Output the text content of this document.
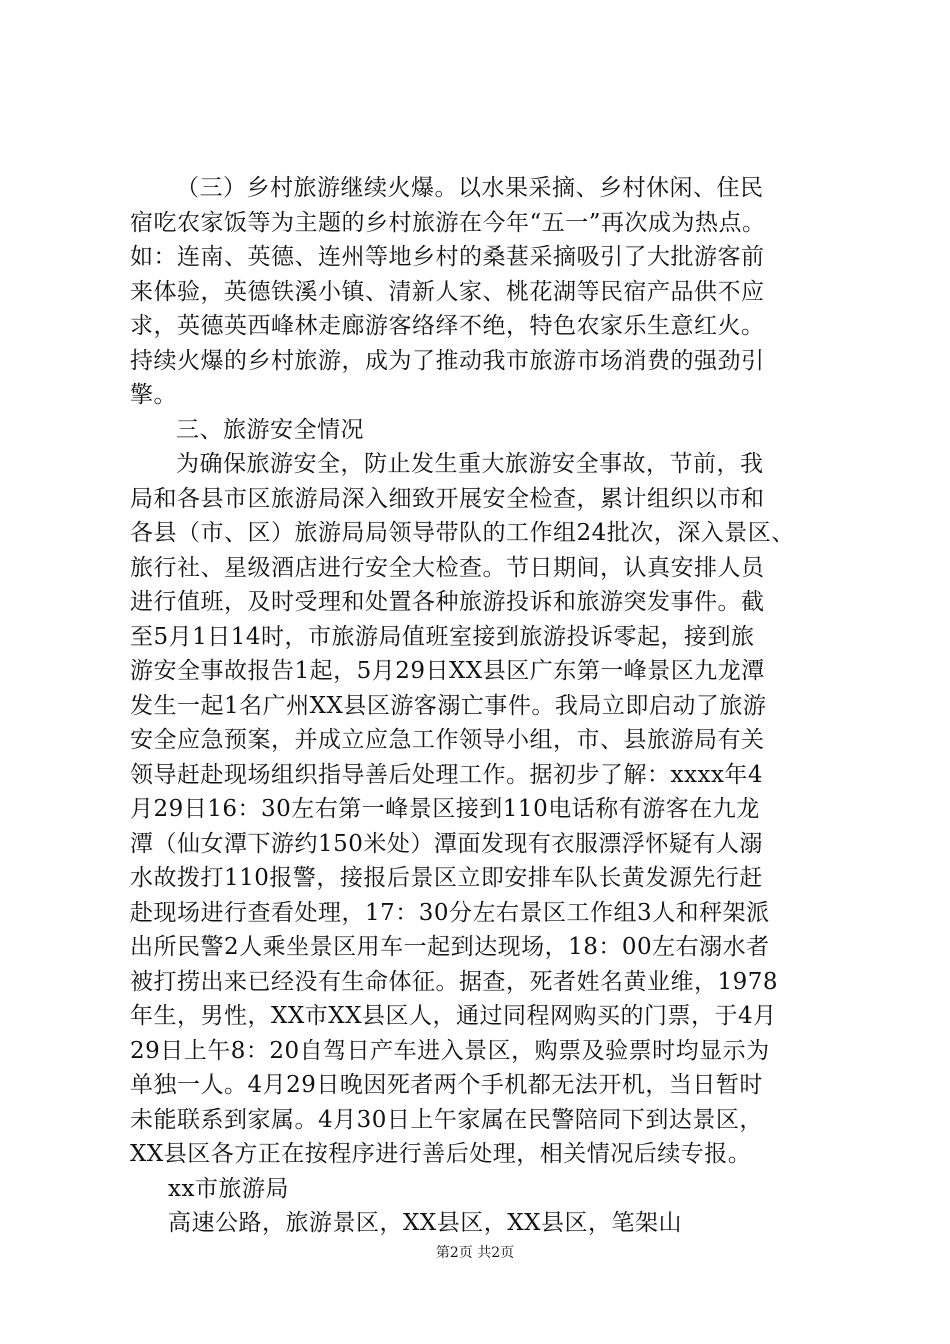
（三）乡村旅游继续火爆。以水果采摘、乡村休闲、住民
宿吃农家饭等为主题的乡村旅游在今年“五一”再次成为热点。
如：连南、英德、连州等地乡村的桑葚采摘吸引了大批游客前
来体验，英德铁溪小镇、清新人家、桃花湖等民宿产品供不应
求，英德英西峰林走廊游客络绎不绝，特色农家乐生意红火。
持续火爆的乡村旅游，成为了推动我市旅游市场消费的强劲引
擎。
三、旅游安全情况
为确保旅游安全，防止发生重大旅游安全事故，节前，我
局和各县市区旅游局深入细致开展安全检查，累计组织以市和
各县（市、区）旅游局局领导带队的工作组24批次，深入景区、
旅行社、星级酒店进行安全大检查。节日期间，认真安排人员
进行值班，及时受理和处置各种旅游投诉和旅游突发事件。截
至5月1日14时，市旅游局值班室接到旅游投诉零起，接到旅
游安全事故报告1起，5月29日XX县区广东第一峰景区九龙潭
发生一起1名广州XX县区游客溺亡事件。我局立即启动了旅游
安全应急预案，并成立应急工作领导小组，市、县旅游局有关
领导赶赴现场组织指导善后处理工作。据初步了解：xxxx年4
月29日16：30左右第一峰景区接到110电话称有游客在九龙
潭（仙女潭下游约150米处）潭面发现有衣服漂浮怀疑有人溺
水故拨打110报警，接报后景区立即安排车队长黄发源先行赶
赴现场进行查看处理，17：30分左右景区工作组3人和秤架派
出所民警2人乘坐景区用车一起到达现场，18：00左右溺水者
被打捞出来已经没有生命体征。据查，死者姓名黄业维，1978
年生，男性，XX市XX县区人，通过同程网购买的门票，于4月
29日上午8：20自驾日产车进入景区，购票及验票时均显示为
单独一人。4月29日晚因死者两个手机都无法开机，当日暂时
未能联系到家属。4月30日上午家属在民警陪同下到达景区，
XX县区各方正在按程序进行善后处理，相关情况后续专报。
xx市旅游局
高速公路，旅游景区，XX县区，XX县区，笔架山
第2页 共2页
